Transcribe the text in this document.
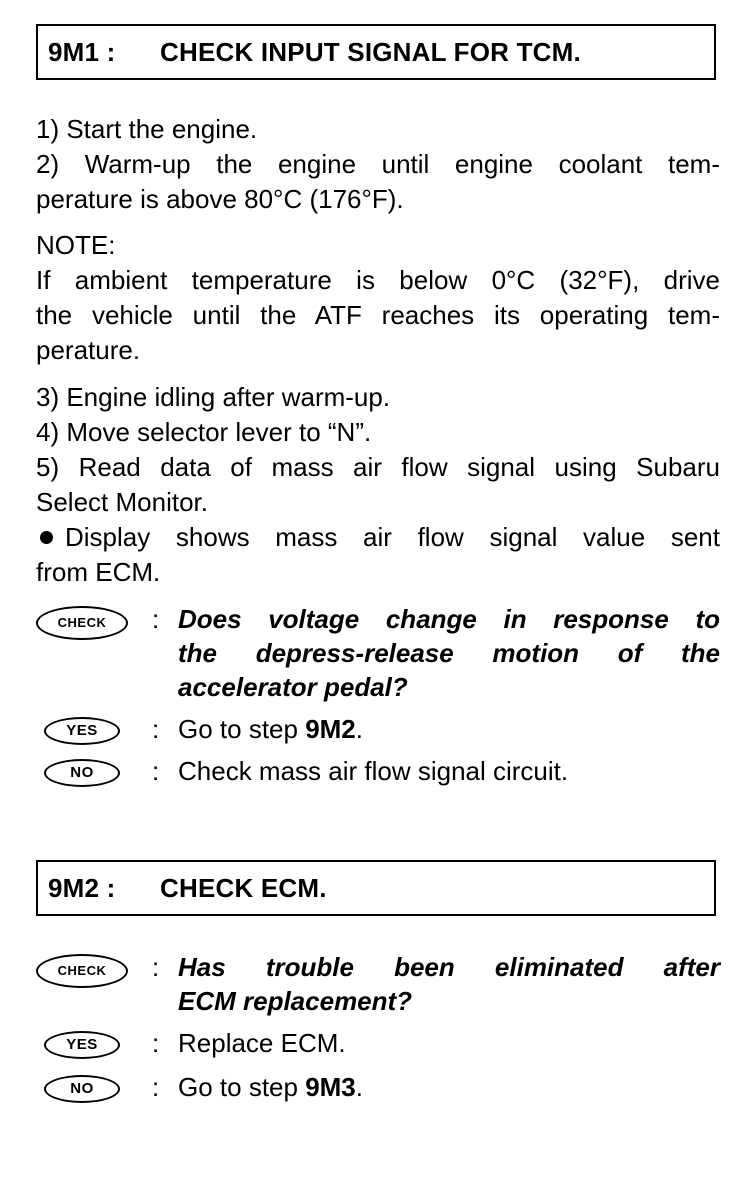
9M1 :	CHECK INPUT SIGNAL FOR TCM.
1) Start the engine.
2) Warm-up the engine until engine coolant tem-
perature is above 80°C (176°F).
NOTE:
If ambient temperature is below 0°C (32°F), drive
the vehicle until the ATF reaches its operating tem-
perature.
3) Engine idling after warm-up.
4) Move selector lever to “N”.
5) Read data of mass air flow signal using Subaru
Select Monitor.
Display shows mass air flow signal value sent
from ECM.
CHECK	: Does voltage change in response to
the depress-release motion of the
accelerator pedal?
YES	: Go to step 9M2.
NO	: Check mass air flow signal circuit.
9M2 :	CHECK ECM.
CHECK	: Has trouble been eliminated after
ECM replacement?
YES	: Replace ECM.
NO	: Go to step 9M3.
